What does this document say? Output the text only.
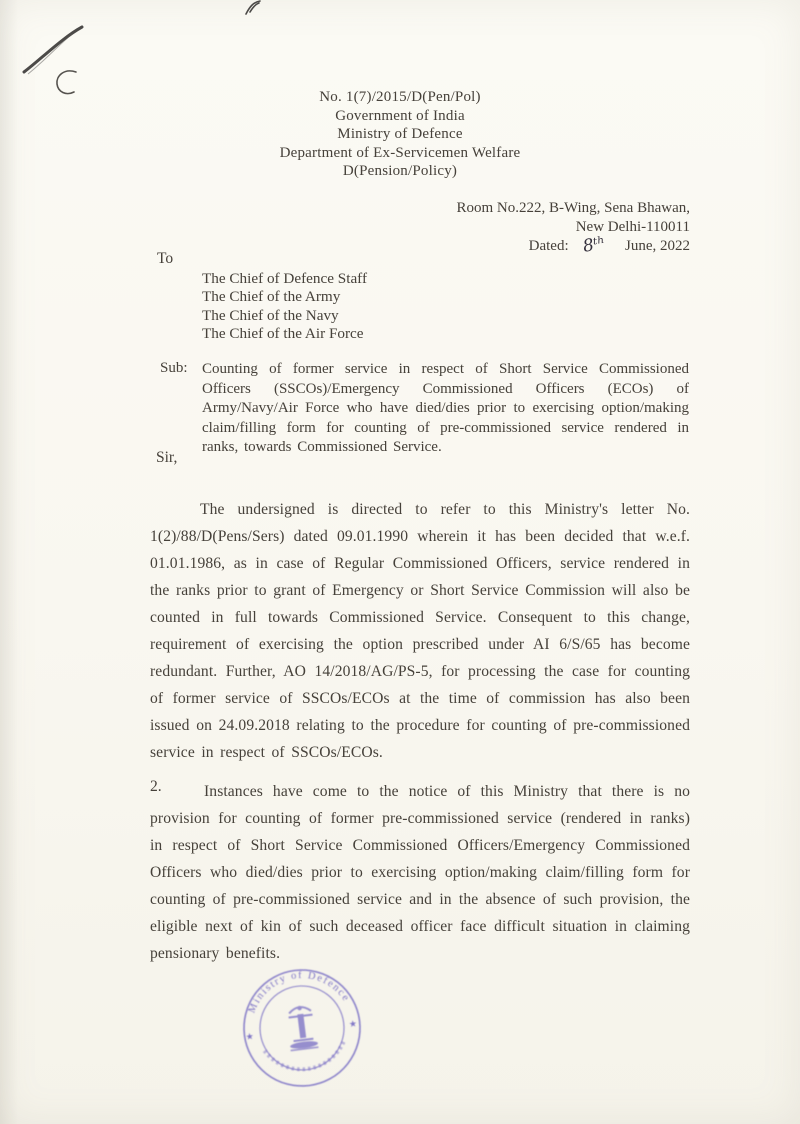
No. 1(7)/2015/D(Pen/Pol)
Government of India
Ministry of Defence
Department of Ex-Servicemen Welfare
D(Pension/Policy)
Room No.222, B-Wing, Sena Bhawan,
New Delhi-110011
Dated: 8ᵗʰ June, 2022
To
The Chief of Defence Staff
The Chief of the Army
The Chief of the Navy
The Chief of the Air Force
Sub: Counting of former service in respect of Short Service Commissioned Officers (SSCOs)/Emergency Commissioned Officers (ECOs) of Army/Navy/Air Force who have died/dies prior to exercising option/making claim/filling form for counting of pre-commissioned service rendered in ranks, towards Commissioned Service.
Sir,

The undersigned is directed to refer to this Ministry's letter No. 1(2)/88/D(Pens/Sers) dated 09.01.1990 wherein it has been decided that w.e.f. 01.01.1986, as in case of Regular Commissioned Officers, service rendered in the ranks prior to grant of Emergency or Short Service Commission will also be counted in full towards Commissioned Service. Consequent to this change, requirement of exercising the option prescribed under AI 6/S/65 has become redundant. Further, AO 14/2018/AG/PS-5, for processing the case for counting of former service of SSCOs/ECOs at the time of commission has also been issued on 24.09.2018 relating to the procedure for counting of pre-commissioned service in respect of SSCOs/ECOs.

2.	Instances have come to the notice of this Ministry that there is no provision for counting of former pre-commissioned service (rendered in ranks) in respect of Short Service Commissioned Officers/Emergency Commissioned Officers who died/dies prior to exercising option/making claim/filling form for counting of pre-commissioned service and in the absence of such provision, the eligible next of kin of such deceased officer face difficult situation in claiming pensionary benefits.

Ministry of Defence
★
★
